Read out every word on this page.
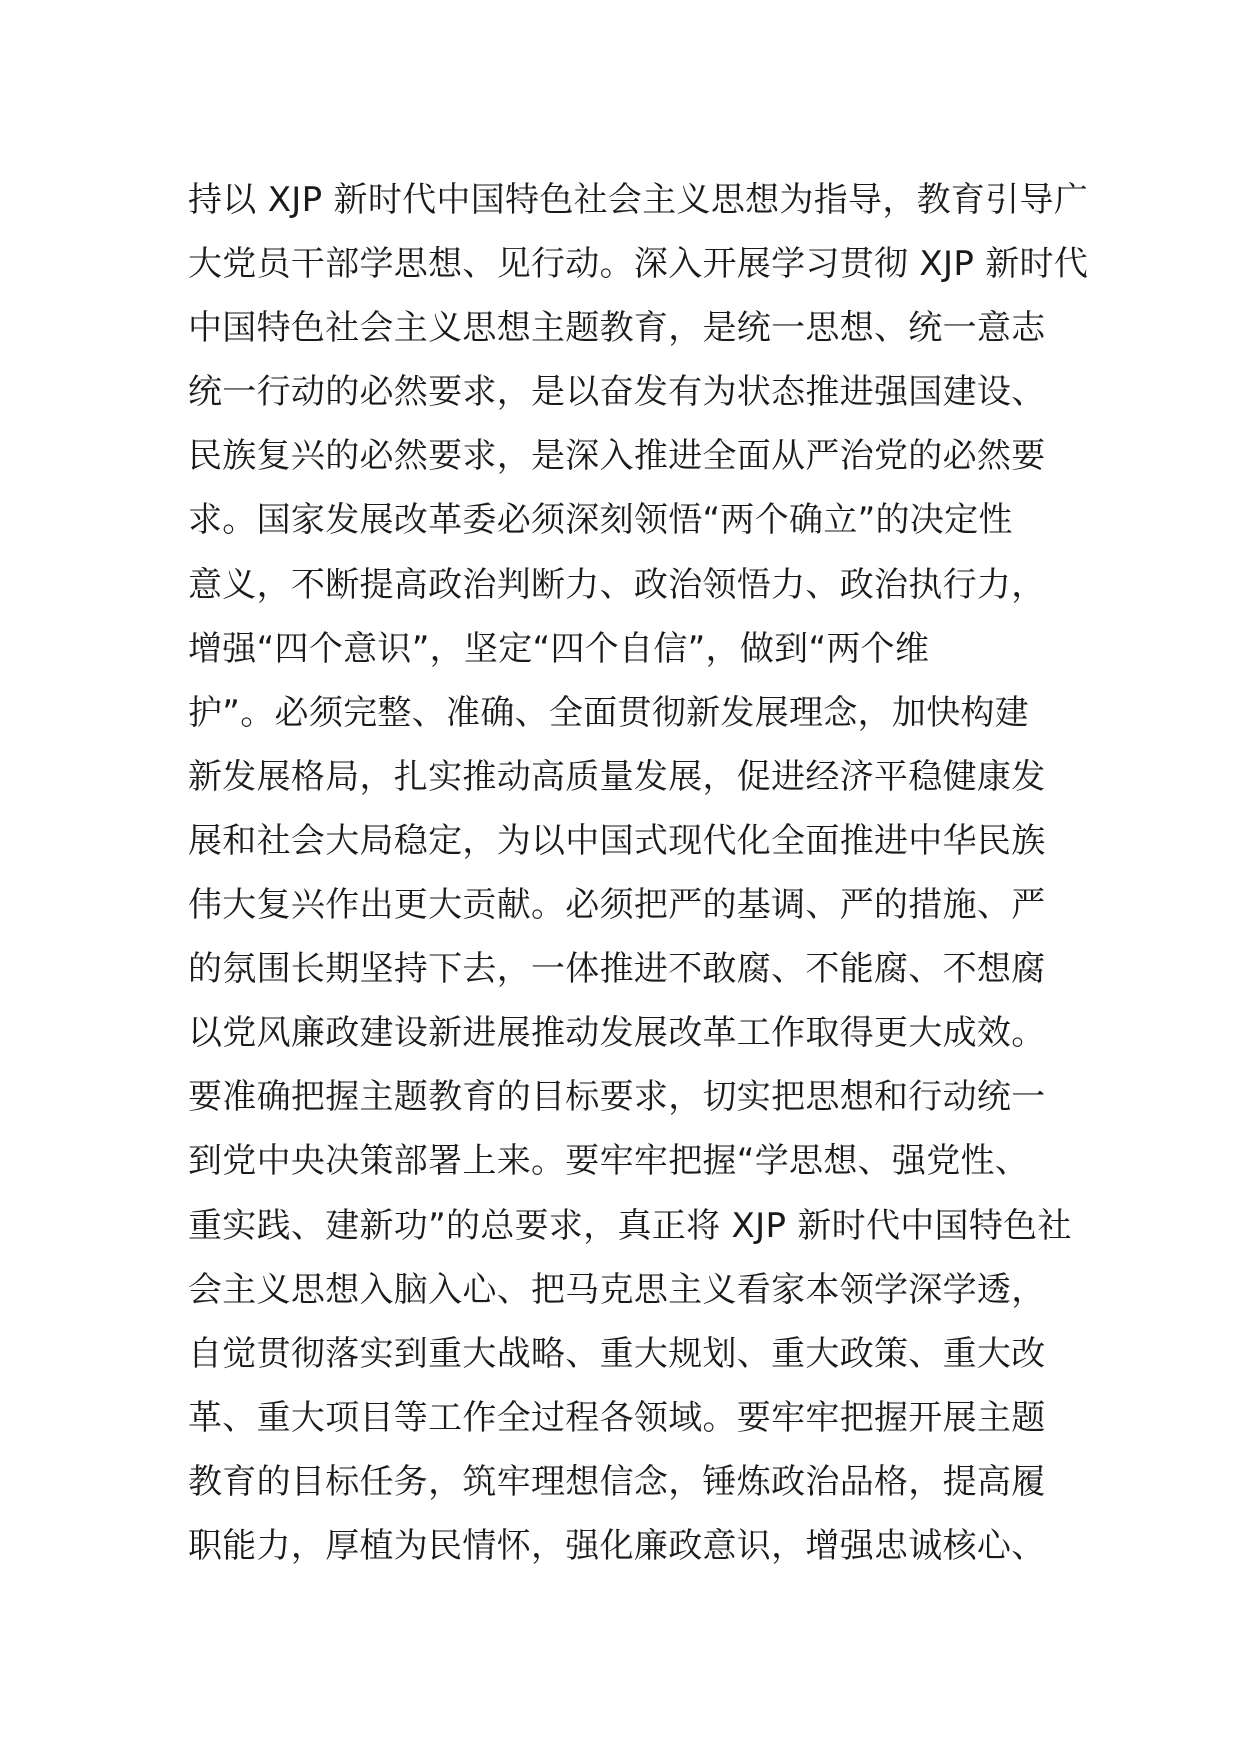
持以 XJP 新时代中国特色社会主义思想为指导，教育引导广
大党员干部学思想、见行动。深入开展学习贯彻 XJP 新时代
中国特色社会主义思想主题教育，是统一思想、统一意志
统一行动的必然要求，是以奋发有为状态推进强国建设、
民族复兴的必然要求，是深入推进全面从严治党的必然要
求。国家发展改革委必须深刻领悟“两个确立”的决定性
意义，不断提高政治判断力、政治领悟力、政治执行力，
增强“四个意识”，坚定“四个自信”，做到“两个维
护”。必须完整、准确、全面贯彻新发展理念，加快构建
新发展格局，扎实推动高质量发展，促进经济平稳健康发
展和社会大局稳定，为以中国式现代化全面推进中华民族
伟大复兴作出更大贡献。必须把严的基调、严的措施、严
的氛围长期坚持下去，一体推进不敢腐、不能腐、不想腐
以党风廉政建设新进展推动发展改革工作取得更大成效。
要准确把握主题教育的目标要求，切实把思想和行动统一
到党中央决策部署上来。要牢牢把握“学思想、强党性、
重实践、建新功”的总要求，真正将 XJP 新时代中国特色社
会主义思想入脑入心、把马克思主义看家本领学深学透，
自觉贯彻落实到重大战略、重大规划、重大政策、重大改
革、重大项目等工作全过程各领域。要牢牢把握开展主题
教育的目标任务，筑牢理想信念，锤炼政治品格，提高履
职能力，厚植为民情怀，强化廉政意识，增强忠诚核心、
